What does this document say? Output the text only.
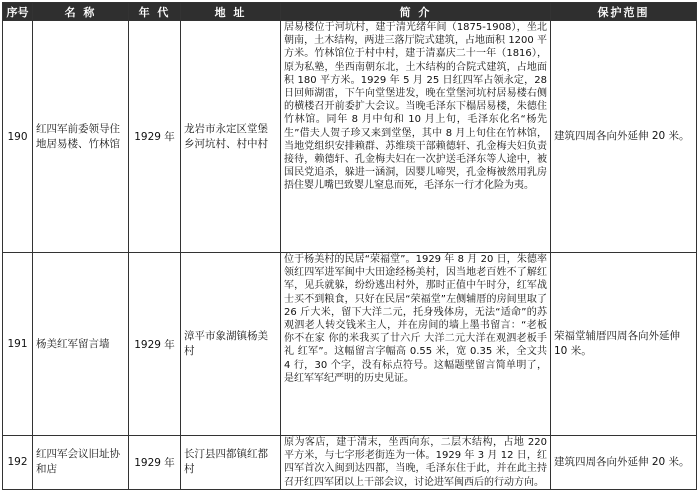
序号	名 称	年 代	地 址	简 介	保护范围
190	红四军前委领导住地居易楼、竹林馆	1929 年	龙岩市永定区堂堡乡河坑村、村中村	居易楼位于河坑村，建于清光绪年间（1875-1908），坐北朝南，土木结构，两进三落厅院式建筑，占地面积 1200 平方米。竹林馆位于村中村，建于清嘉庆二十一年（1816），原为私塾，坐西南朝东北，土木结构的合院式建筑，占地面积 180 平方米。1929 年 5 月 25 日红四军占领永定，28 日回师湖雷，下午向堂堡进发，晚在堂堡河坑村居易楼右侧的横楼召开前委扩大会议。当晚毛泽东下榻居易楼，朱德住竹林馆。同年 8 月中旬和 10 月上旬，毛泽东化名“杨先生”借夫人贺子珍又来到堂堡，其中 8 月上旬住在竹林馆，当地党组织安排赖群、苏维琰干部赖德轩、孔金梅夫妇负责接待，赖德轩、孔金梅夫妇在一次护送毛泽东等人途中，被国民党追杀，躲进一涵洞，因婴儿啼哭，孔金梅被然用乳房捂住婴儿嘴巴致婴儿窒息而死，毛泽东一行才化险为夷。	建筑四周各向外延伸 20 米。
191	杨美红军留言墙	1929 年	漳平市象湖镇杨美村	位于杨美村的民居“荣福堂”。1929 年 8 月 20 日，朱德率领红四军进军闽中大田途经杨美村，因当地老百姓不了解红军，见兵就躲，纷纷逃出村外，那时正值中午时分，红军战士买不到粮食，只好在民居“荣福堂”左侧辅厝的房间里取了 26 斤大米，留下大洋二元，托身残体房，无法“适命”的苏观泗老人转交钱米主人，并在房间的墙上墨书留言：“老板 你不在家 你的米我买了廿六斤 大洋二元大洋在观泗老板手礼 红军”。这幅留言字幅高 0.55 米，宽 0.35 米，全文共 4 行，30 个字，没有标点符号。这幅题壁留言简单明了，是红军军纪严明的历史见证。	荣福堂辅厝四周各向外延伸 10 米。
192	红四军会议旧址协和店	1929 年	长汀县四都镇红都村	原为客店，建于清末，坐西向东，二层木结构，占地 220 平方米，与七字形老街连为一体。1929 年 3 月 12 日，红四军首次入闽到达四都，当晚，毛泽东住于此，并在此主持召开红四军团以上干部会议，讨论进军闽西后的行动方向。	建筑四周各向外延伸 20 米。
